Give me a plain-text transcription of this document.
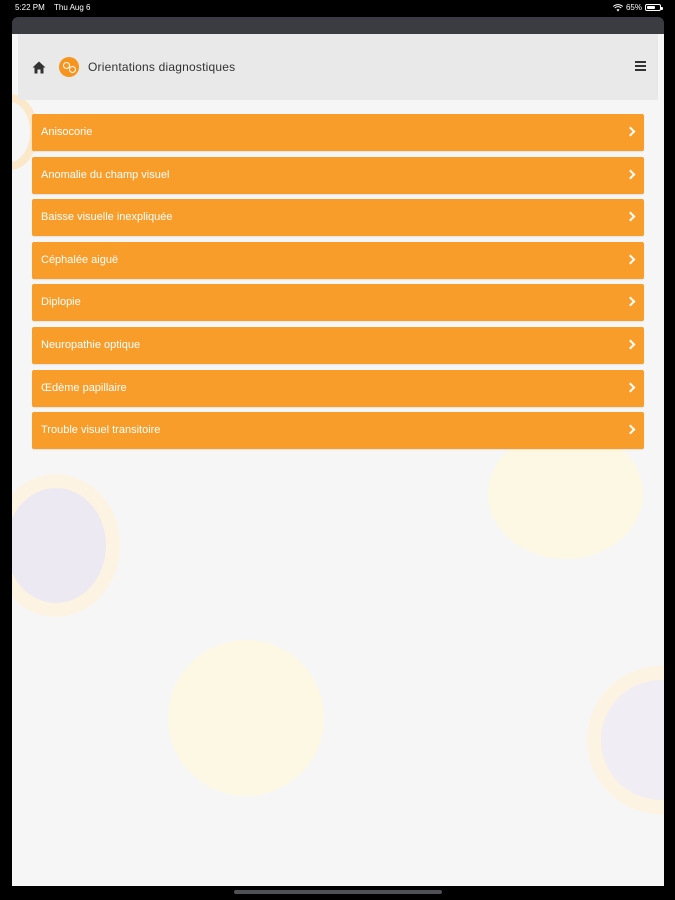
5:22 PM Thu Aug 6	65%
Orientations diagnostiques
Anisocorie
Anomalie du champ visuel
Baisse visuelle inexpliquée
Céphalée aiguë
Diplopie
Neuropathie optique
Œdème papillaire
Trouble visuel transitoire
